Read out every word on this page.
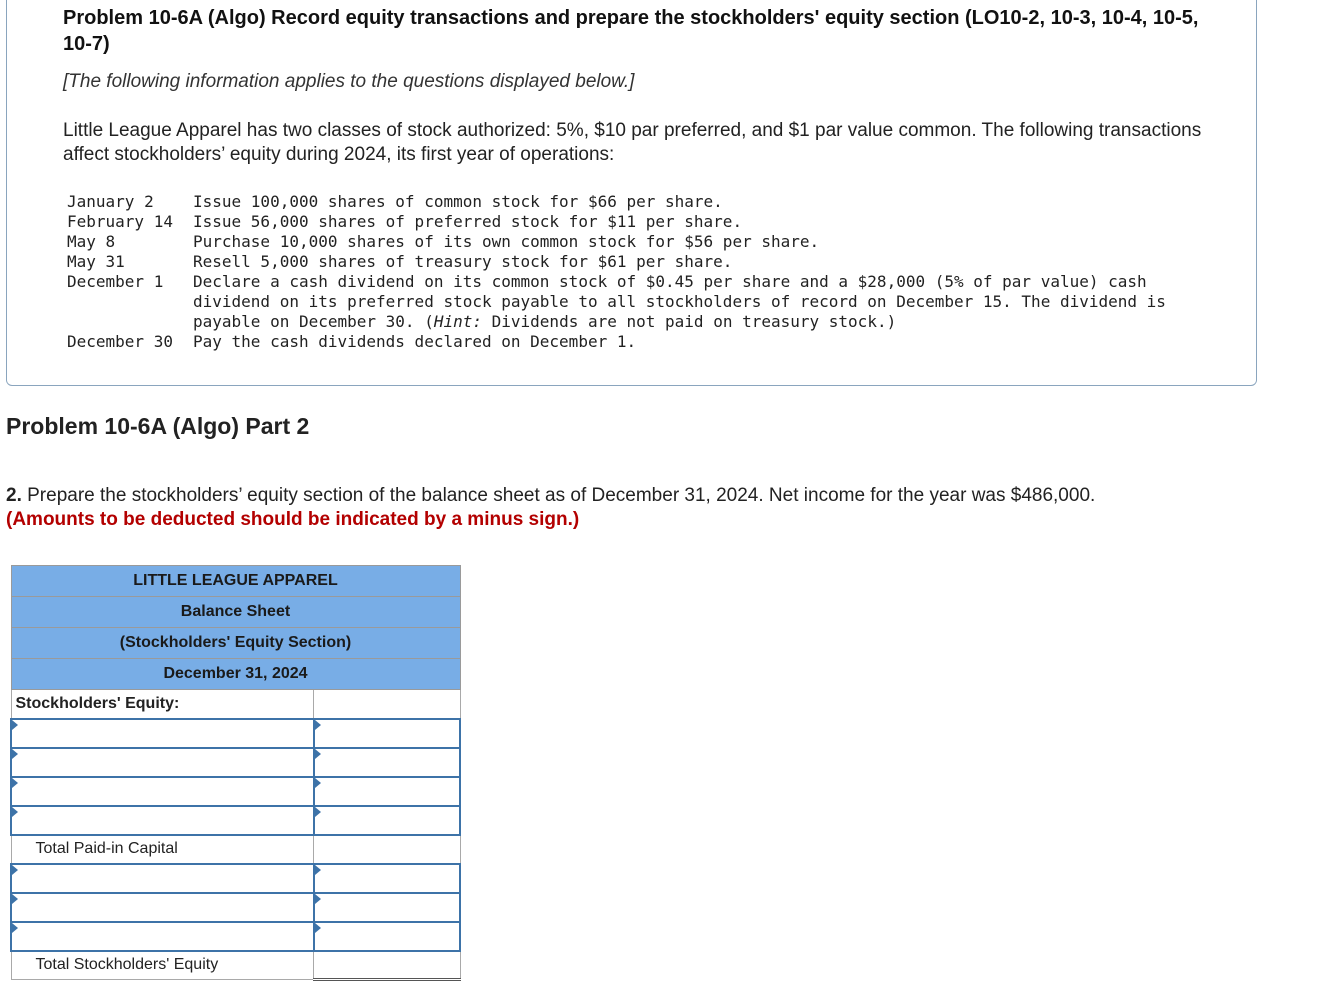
Problem 10-6A (Algo) Record equity transactions and prepare the stockholders' equity section (LO10-2, 10-3, 10-4, 10-5, 10-7)
[The following information applies to the questions displayed below.]
Little League Apparel has two classes of stock authorized: 5%, $10 par preferred, and $1 par value common. The following transactions affect stockholders’ equity during 2024, its first year of operations:
January 2	Issue 100,000 shares of common stock for $66 per share.
February 14	Issue 56,000 shares of preferred stock for $11 per share.
May 8	Purchase 10,000 shares of its own common stock for $56 per share.
May 31	Resell 5,000 shares of treasury stock for $61 per share.
December 1	Declare a cash dividend on its common stock of $0.45 per share and a $28,000 (5% of par value) cash dividend on its preferred stock payable to all stockholders of record on December 15. The dividend is payable on December 30. (Hint: Dividends are not paid on treasury stock.)
December 30	Pay the cash dividends declared on December 1.
Problem 10-6A (Algo) Part 2
2. Prepare the stockholders’ equity section of the balance sheet as of December 31, 2024. Net income for the year was $486,000.
(Amounts to be deducted should be indicated by a minus sign.)
LITTLE LEAGUE APPAREL	
Balance Sheet	
(Stockholders' Equity Section)	
December 31, 2024	
Stockholders' Equity:	

Total Paid-in Capital	

Total Stockholders' Equity	
